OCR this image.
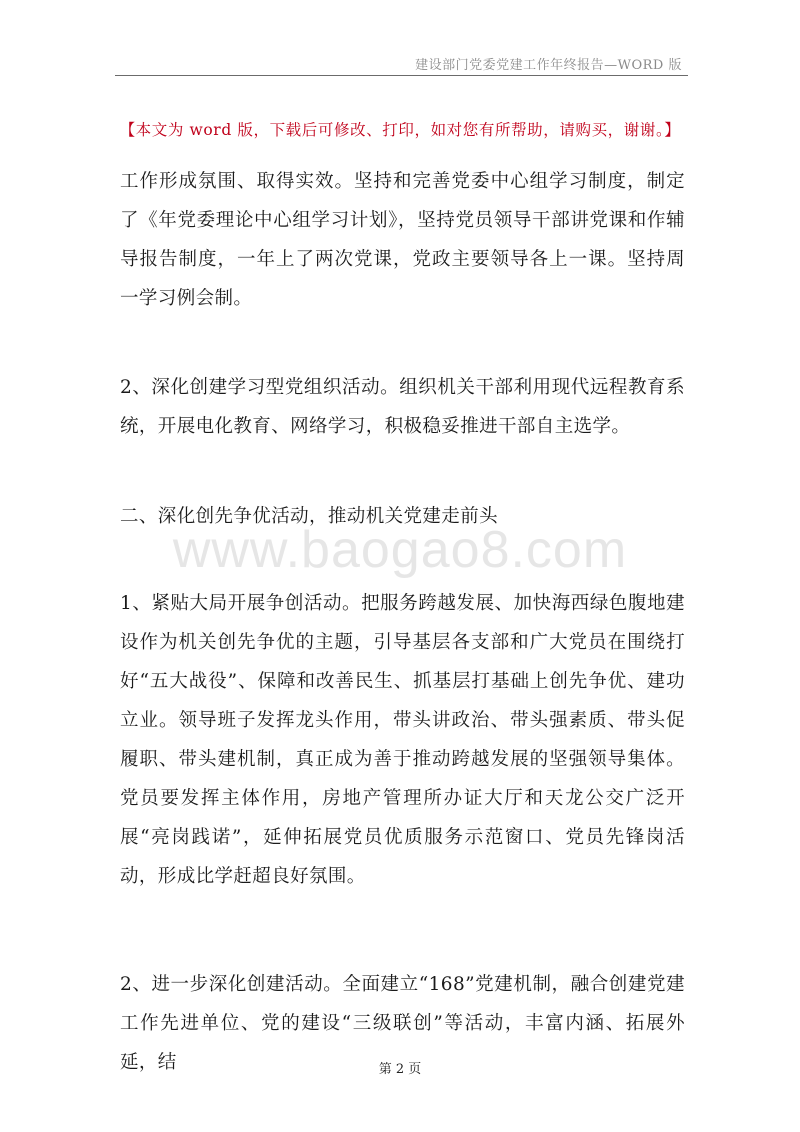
建设部门党委党建工作年终报告—WORD 版
【本文为 word 版，下载后可修改、打印，如对您有所帮助，请购买，谢谢。】
www.baogao8.com

工作形成氛围、取得实效。坚持和完善党委中心组学习制度，制定了《年党委理论中心组学习计划》，坚持党员领导干部讲党课和作辅导报告制度，一年上了两次党课，党政主要领导各上一课。坚持周一学习例会制。

2、深化创建学习型党组织活动。组织机关干部利用现代远程教育系统，开展电化教育、网络学习，积极稳妥推进干部自主选学。

二、深化创先争优活动，推动机关党建走前头

1、紧贴大局开展争创活动。把服务跨越发展、加快海西绿色腹地建设作为机关创先争优的主题，引导基层各支部和广大党员在围绕打好“五大战役”、保障和改善民生、抓基层打基础上创先争优、建功立业。领导班子发挥龙头作用，带头讲政治、带头强素质、带头促履职、带头建机制，真正成为善于推动跨越发展的坚强领导集体。党员要发挥主体作用，房地产管理所办证大厅和天龙公交广泛开展“亮岗践诺”，延伸拓展党员优质服务示范窗口、党员先锋岗活动，形成比学赶超良好氛围。

2、进一步深化创建活动。全面建立“168”党建机制，融合创建党建工作先进单位、党的建设“三级联创”等活动，丰富内涵、拓展外延，结	第 2 页
